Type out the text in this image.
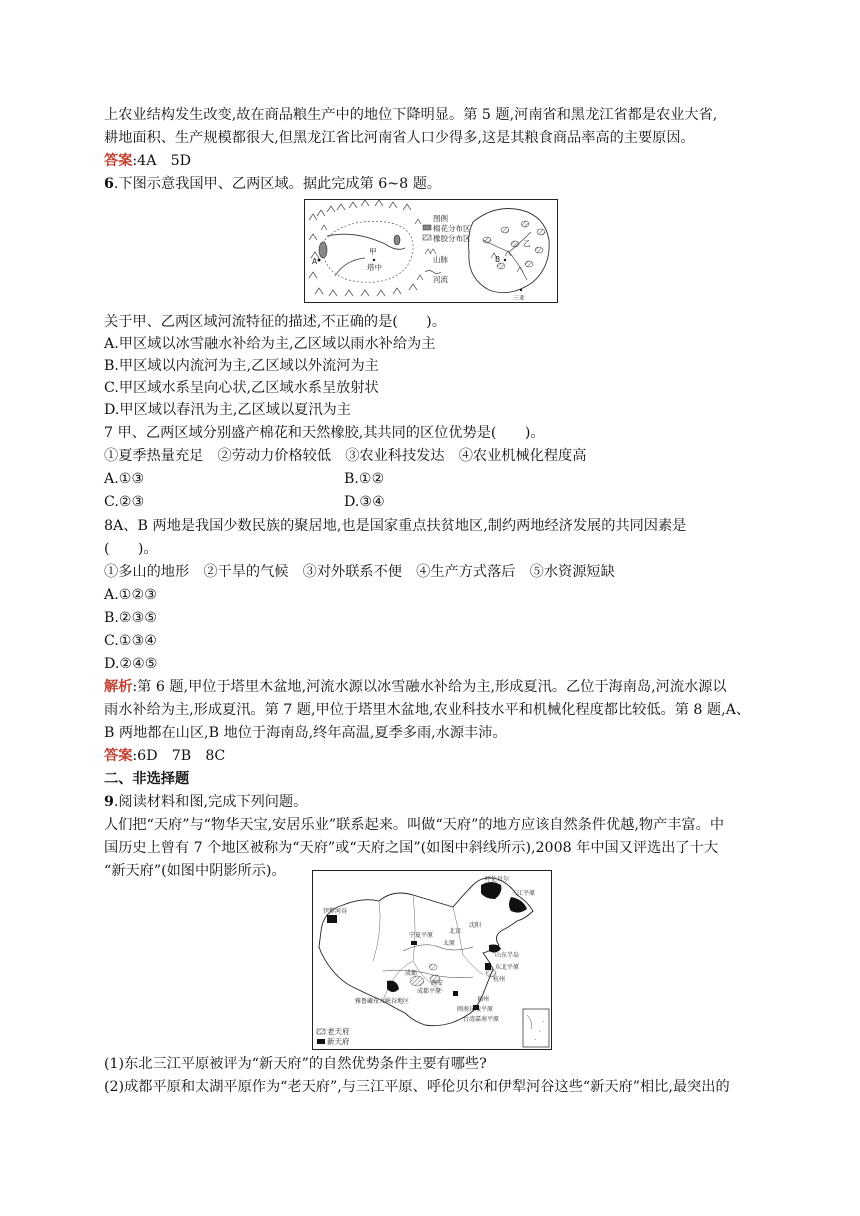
上农业结构发生改变,故在商品粮生产中的地位下降明显。第 5 题,河南省和黑龙江省都是农业大省,
耕地面积、生产规模都很大,但黑龙江省比河南省人口少得多,这是其粮食商品率高的主要原因。
答案:4A　5D
6.下图示意我国甲、乙两区域。据此完成第 6~8 题。
A
甲
塔中
图例
棉花分布区
橡胶分布区
山脉
河流
乙
B
三亚
关于甲、乙两区域河流特征的描述,不正确的是(　　)。
A.甲区域以冰雪融水补给为主,乙区域以雨水补给为主
B.甲区域以内流河为主,乙区域以外流河为主
C.甲区域水系呈向心状,乙区域水系呈放射状
D.甲区域以春汛为主,乙区域以夏汛为主
7 甲、乙两区域分别盛产棉花和天然橡胶,其共同的区位优势是(　　)。
①夏季热量充足　②劳动力价格较低　③农业科技发达　④农业机械化程度高
A.①③	B.①②
C.②③	D.③④
8A、B 两地是我国少数民族的聚居地,也是国家重点扶贫地区,制约两地经济发展的共同因素是
(　　)。
①多山的地形　②干旱的气候　③对外联系不便　④生产方式落后　⑤水资源短缺
A.①②③
B.②③⑤
C.①③④
D.②④⑤
解析:第 6 题,甲位于塔里木盆地,河流水源以冰雪融水补给为主,形成夏汛。乙位于海南岛,河流水源以
雨水补给为主,形成夏汛。第 7 题,甲位于塔里木盆地,农业科技水平和机械化程度都比较低。第 8 题,A、
B 两地都在山区,B 地位于海南岛,终年高温,夏季多雨,水源丰沛。
答案:6D　7B　8C
二、非选择题
9.阅读材料和图,完成下列问题。
人们把“天府”与“物华天宝,安居乐业”联系起来。叫做“天府”的地方应该自然条件优越,物产丰富。中
国历史上曾有 7 个地区被称为“天府”或“天府之国”(如图中斜线所示),2008 年中国又评选出了十大
“新天府”(如图中阴影所示)。
呼伦贝尔
三江平原
伊犁河谷
沈阳
北京
宁夏平原
太原
山东半岛
成都
西安
成都平原
东北平原
杭州
雅鲁藏布大峡谷地区	福州
闽南丘陵平原
台湾嘉南平原
老天府
新天府
(1)东北三江平原被评为“新天府”的自然优势条件主要有哪些?
(2)成都平原和太湖平原作为“老天府”,与三江平原、呼伦贝尔和伊犁河谷这些“新天府”相比,最突出的
